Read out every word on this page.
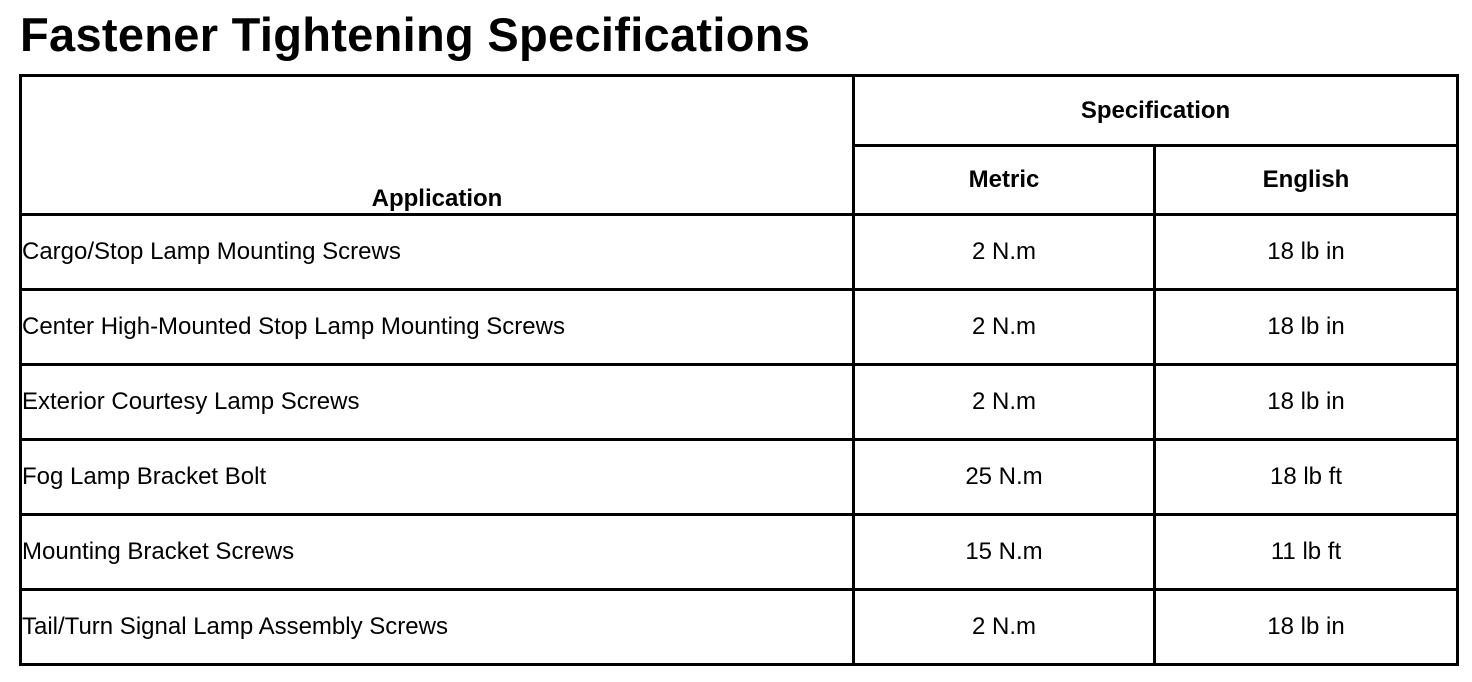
Fastener Tightening Specifications
Application	Specification	
	Metric	English
Cargo/Stop Lamp Mounting Screws	2 N.m	18 lb in
Center High-Mounted Stop Lamp Mounting Screws	2 N.m	18 lb in
Exterior Courtesy Lamp Screws	2 N.m	18 lb in
Fog Lamp Bracket Bolt	25 N.m	18 lb ft
Mounting Bracket Screws	15 N.m	11 lb ft
Tail/Turn Signal Lamp Assembly Screws	2 N.m	18 lb in
